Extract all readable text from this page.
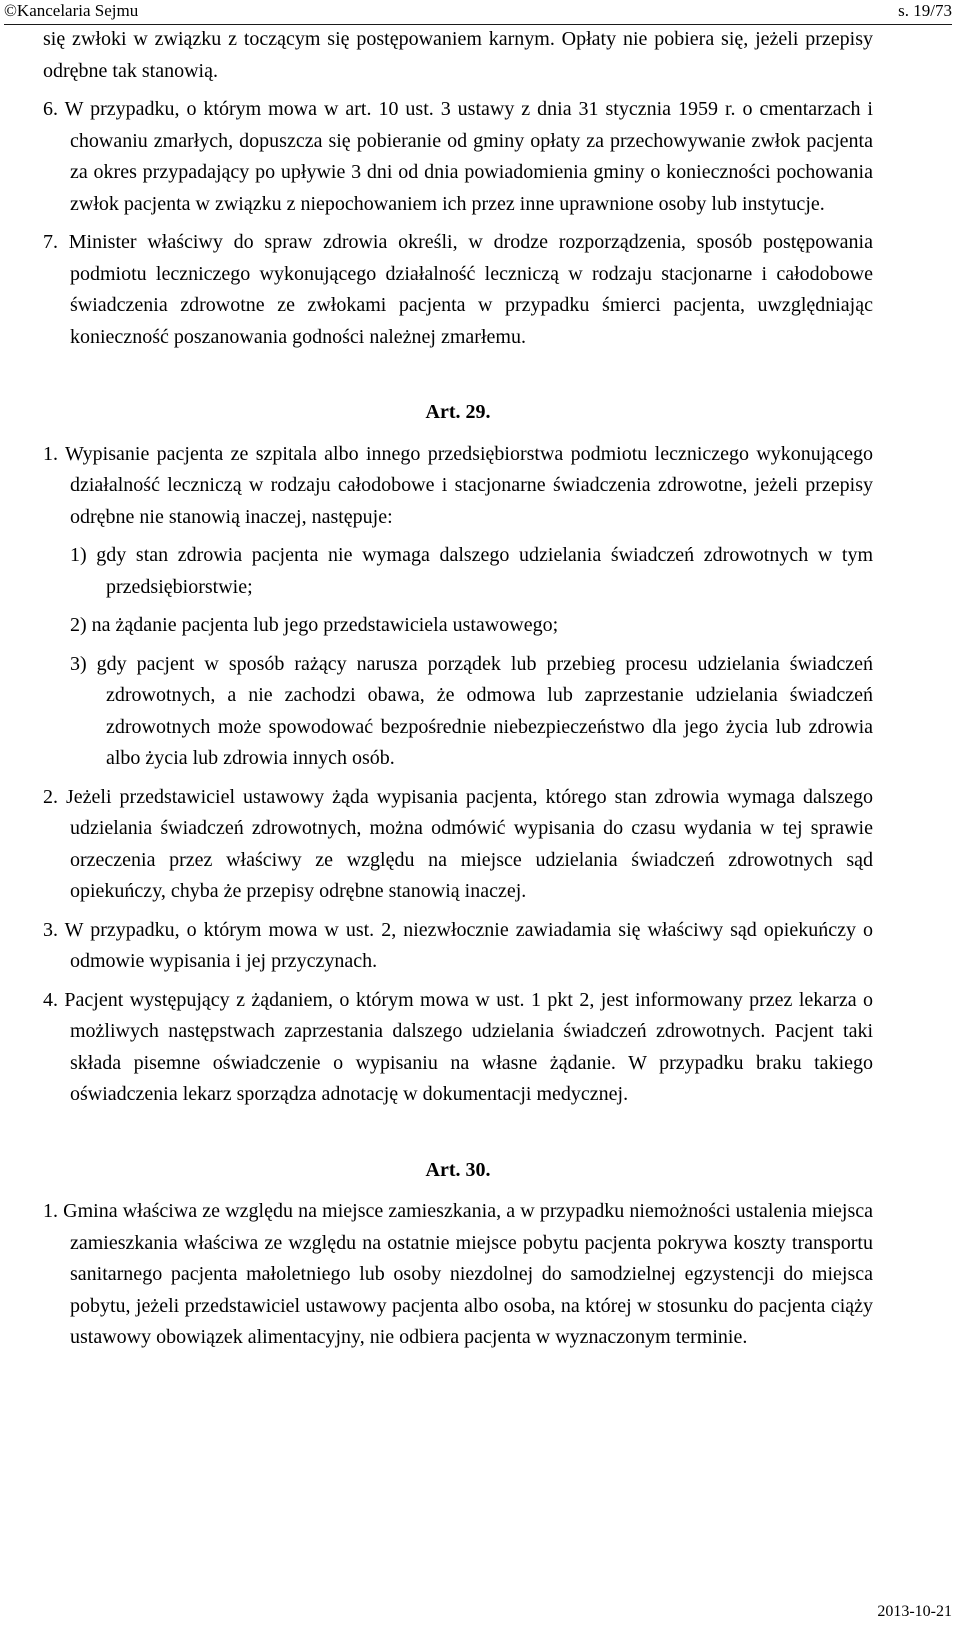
©Kancelaria Sejmu	s. 19/73

się zwłoki w związku z toczącym się postępowaniem karnym. Opłaty nie pobiera się, jeżeli przepisy odrębne tak stanowią.

6. W przypadku, o którym mowa w art. 10 ust. 3 ustawy z dnia 31 stycznia 1959 r. o cmentarzach i chowaniu zmarłych, dopuszcza się pobieranie od gminy opłaty za przechowywanie zwłok pacjenta za okres przypadający po upływie 3 dni od dnia powiadomienia gminy o konieczności pochowania zwłok pacjenta w związku z niepochowaniem ich przez inne uprawnione osoby lub instytucje.

7. Minister właściwy do spraw zdrowia określi, w drodze rozporządzenia, sposób postępowania podmiotu leczniczego wykonującego działalność leczniczą w rodzaju stacjonarne i całodobowe świadczenia zdrowotne ze zwłokami pacjenta w przypadku śmierci pacjenta, uwzględniając konieczność poszanowania godności należnej zmarłemu.

Art. 29.

1. Wypisanie pacjenta ze szpitala albo innego przedsiębiorstwa podmiotu leczniczego wykonującego działalność leczniczą w rodzaju całodobowe i stacjonarne świadczenia zdrowotne, jeżeli przepisy odrębne nie stanowią inaczej, następuje:

1) gdy stan zdrowia pacjenta nie wymaga dalszego udzielania świadczeń zdrowotnych w tym przedsiębiorstwie;

2) na żądanie pacjenta lub jego przedstawiciela ustawowego;

3) gdy pacjent w sposób rażący narusza porządek lub przebieg procesu udzielania świadczeń zdrowotnych, a nie zachodzi obawa, że odmowa lub zaprzestanie udzielania świadczeń zdrowotnych może spowodować bezpośrednie niebezpieczeństwo dla jego życia lub zdrowia albo życia lub zdrowia innych osób.

2. Jeżeli przedstawiciel ustawowy żąda wypisania pacjenta, którego stan zdrowia wymaga dalszego udzielania świadczeń zdrowotnych, można odmówić wypisania do czasu wydania w tej sprawie orzeczenia przez właściwy ze względu na miejsce udzielania świadczeń zdrowotnych sąd opiekuńczy, chyba że przepisy odrębne stanowią inaczej.

3. W przypadku, o którym mowa w ust. 2, niezwłocznie zawiadamia się właściwy sąd opiekuńczy o odmowie wypisania i jej przyczynach.

4. Pacjent występujący z żądaniem, o którym mowa w ust. 1 pkt 2, jest informowany przez lekarza o możliwych następstwach zaprzestania dalszego udzielania świadczeń zdrowotnych. Pacjent taki składa pisemne oświadczenie o wypisaniu na własne żądanie. W przypadku braku takiego oświadczenia lekarz sporządza adnotację w dokumentacji medycznej.

Art. 30.

1. Gmina właściwa ze względu na miejsce zamieszkania, a w przypadku niemożności ustalenia miejsca zamieszkania właściwa ze względu na ostatnie miejsce pobytu pacjenta pokrywa koszty transportu sanitarnego pacjenta małoletniego lub osoby niezdolnej do samodzielnej egzystencji do miejsca pobytu, jeżeli przedstawiciel ustawowy pacjenta albo osoba, na której w stosunku do pacjenta ciąży ustawowy obowiązek alimentacyjny, nie odbiera pacjenta w wyznaczonym terminie.

2013-10-21
